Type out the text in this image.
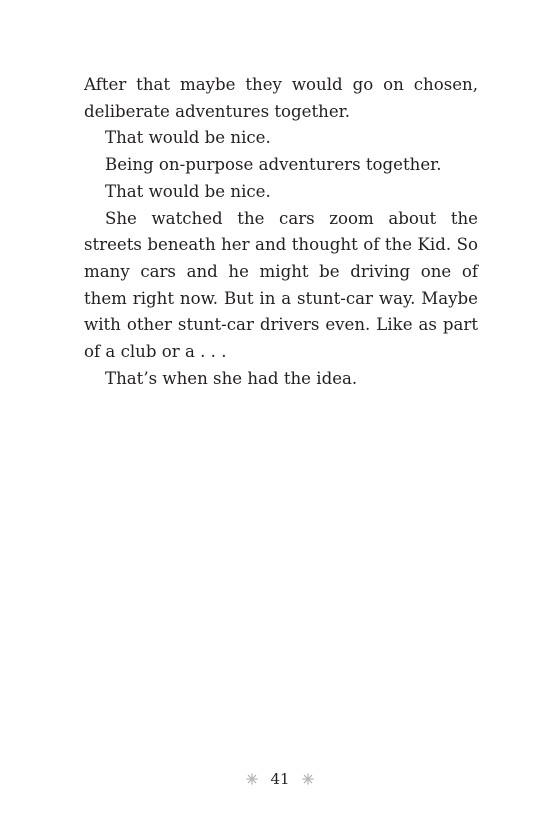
After that maybe they would go on chosen, deliberate adventures together.

That would be nice.

Being on-purpose adventurers together.

That would be nice.

She watched the cars zoom about the streets beneath her and thought of the Kid. So many cars and he might be driving one of them right now. But in a stunt-car way. Maybe with other stunt-car drivers even. Like as part of a club or a . . .

That’s when she had the idea.

41
